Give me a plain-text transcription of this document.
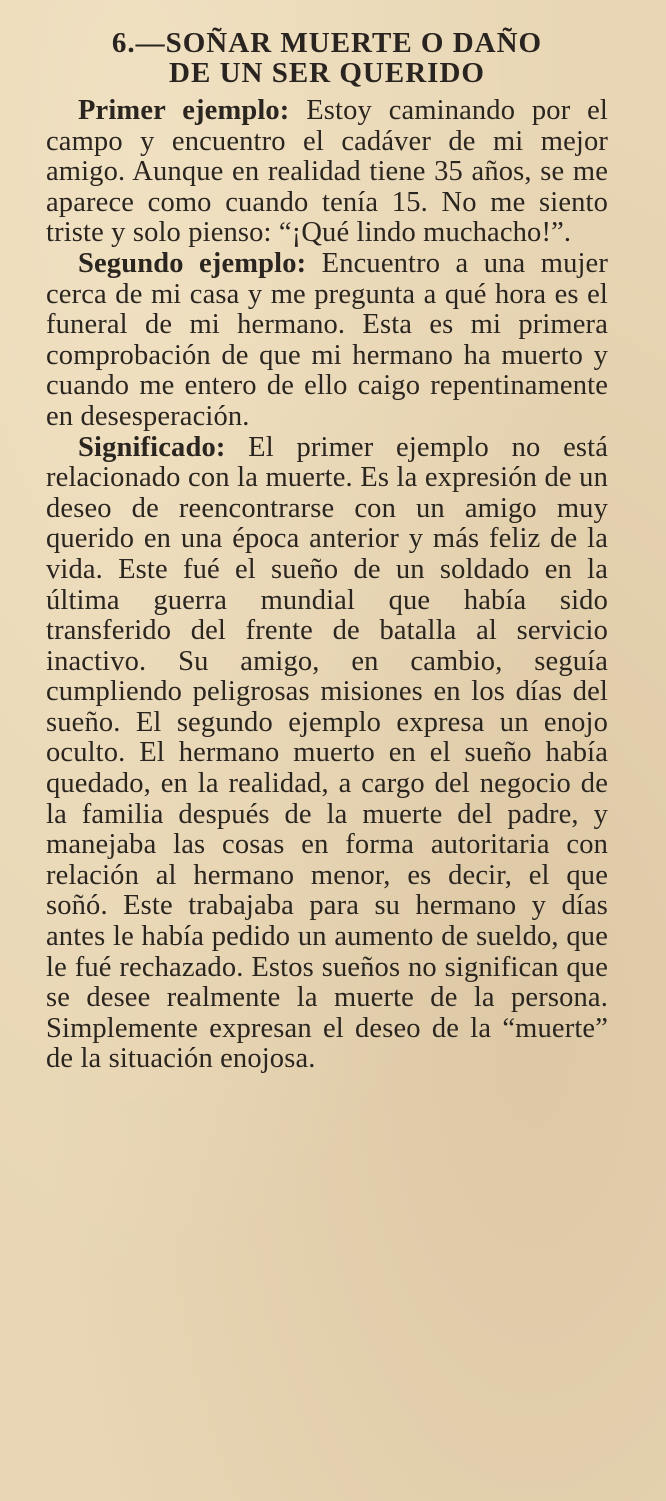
6.—SOÑAR MUERTE O DAÑO
DE UN SER QUERIDO

Primer ejemplo: Estoy caminando por el campo y encuentro el cadáver de mi mejor amigo. Aunque en realidad tiene 35 años, se me aparece como cuando tenía 15. No me siento triste y solo pienso: “¡Qué lindo muchacho!”.

Segundo ejemplo: Encuentro a una mujer cerca de mi casa y me pregunta a qué hora es el funeral de mi hermano. Esta es mi primera comprobación de que mi hermano ha muerto y cuando me entero de ello caigo repentinamente en desesperación.

Significado: El primer ejemplo no está relacionado con la muerte. Es la expresión de un deseo de reencontrarse con un amigo muy querido en una época anterior y más feliz de la vida. Este fué el sueño de un soldado en la última guerra mundial que había sido transferido del frente de batalla al servicio inactivo. Su amigo, en cambio, seguía cumpliendo peligrosas misiones en los días del sueño. El segundo ejemplo expresa un enojo oculto. El hermano muerto en el sueño había quedado, en la realidad, a cargo del negocio de la familia después de la muerte del padre, y manejaba las cosas en forma autoritaria con relación al hermano menor, es decir, el que soñó. Este trabajaba para su hermano y días antes le había pedido un aumento de sueldo, que le fué rechazado. Estos sueños no significan que se desee realmente la muerte de la persona. Simplemente expresan el deseo de la “muerte” de la situación enojosa.
